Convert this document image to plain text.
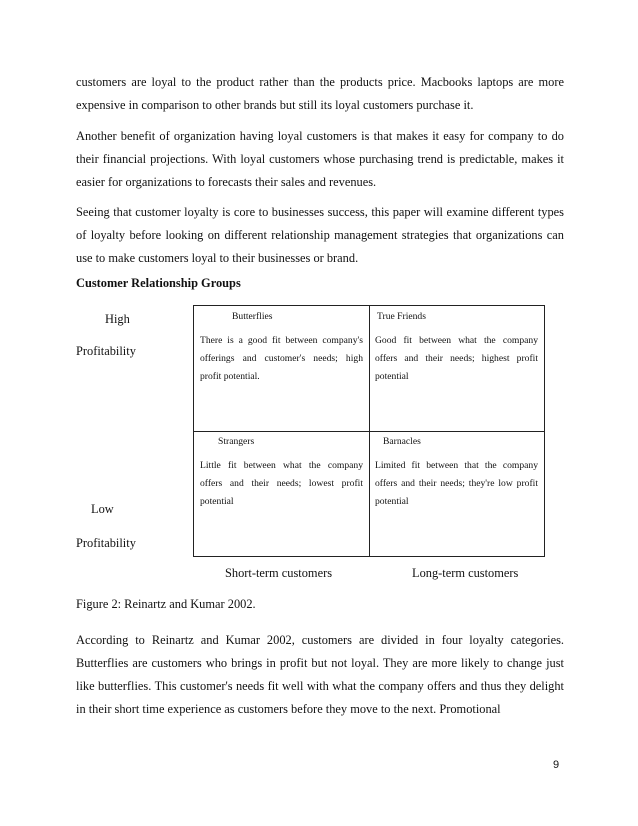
customers are loyal to the product rather than the products price. Macbooks laptops are more expensive in comparison to other brands but still its loyal customers purchase it.

Another benefit of organization having loyal customers is that makes it easy for company to do their financial projections. With loyal customers whose purchasing trend is predictable, makes it easier for organizations to forecasts their sales and revenues.

Seeing that customer loyalty is core to businesses success, this paper will examine different types of loyalty before looking on different relationship management strategies that organizations can use to make customers loyal to their businesses or brand.

Customer Relationship Groups

High
Profitability
Low
Profitability
Butterflies
There is a good fit between company's offerings and customer's needs; high profit potential.
True Friends
Good fit between what the company offers and their needs; highest profit potential
Strangers
Little fit between what the company offers and their needs; lowest profit potential
Barnacles
Limited fit between that the company offers and their needs; they're low profit potential
Short-term customers	Long-term customers
Figure 2: Reinartz and Kumar 2002.

According to Reinartz and Kumar 2002, customers are divided in four loyalty categories. Butterflies are customers who brings in profit but not loyal. They are more likely to change just like butterflies. This customer's needs fit well with what the company offers and thus they delight in their short time experience as customers before they move to the next. Promotional

9
